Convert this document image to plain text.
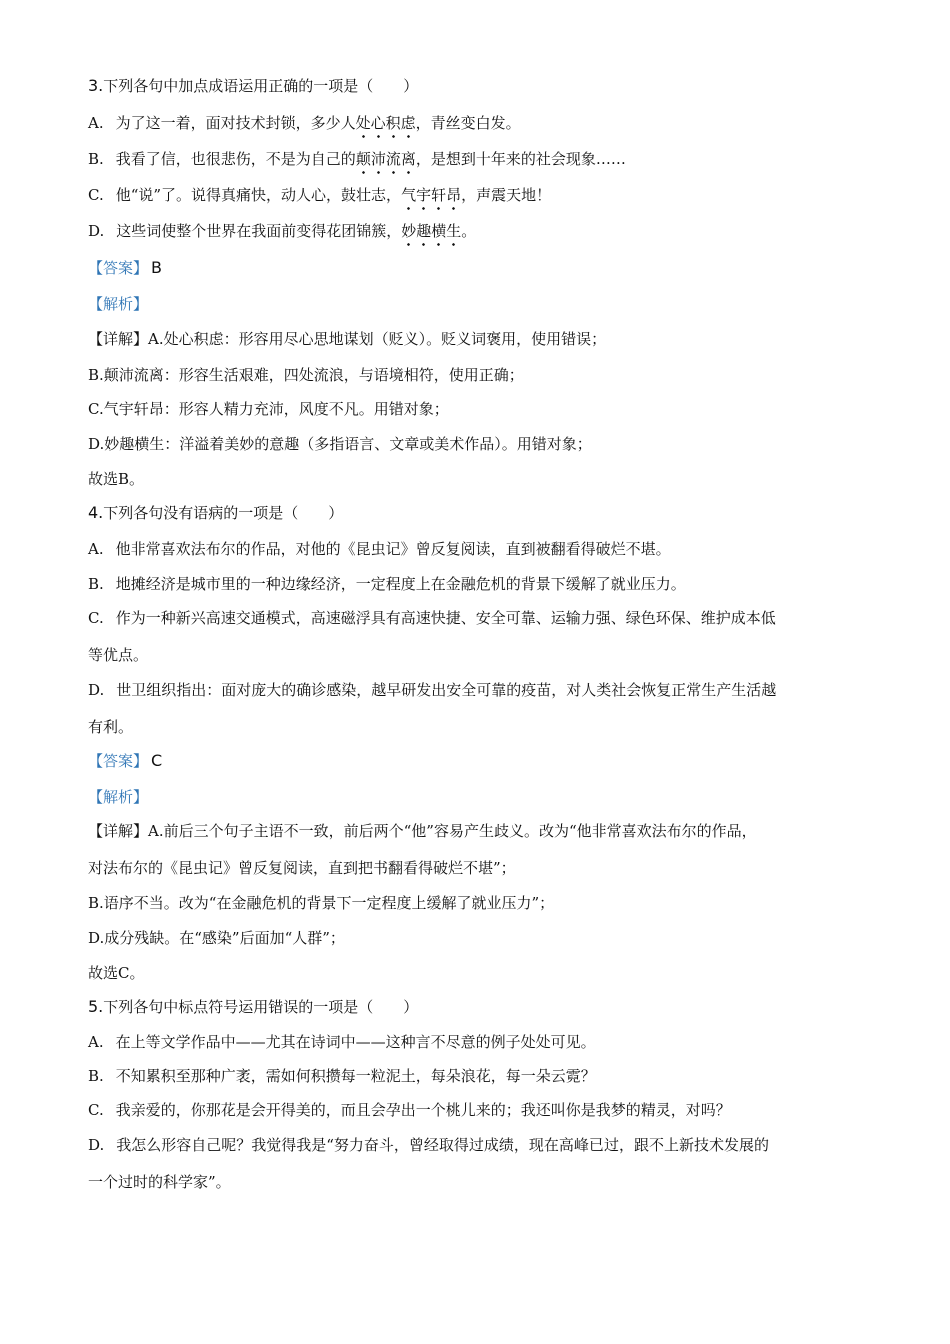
3.下列各句中加点成语运用正确的一项是（　　）
A. 为了这一着，面对技术封锁，多少人处心积虑，青丝变白发。
B. 我看了信，也很悲伤，不是为自己的颠沛流离，是想到十年来的社会现象……
C. 他“说”了。说得真痛快，动人心，鼓壮志，气宇轩昂，声震天地！
D. 这些词使整个世界在我面前变得花团锦簇，妙趣横生。
【答案】 B
【解析】
【详解】A.处心积虑：形容用尽心思地谋划（贬义）。贬义词褒用，使用错误；
B.颠沛流离：形容生活艰难，四处流浪，与语境相符，使用正确；
C.气宇轩昂：形容人精力充沛，风度不凡。用错对象；
D.妙趣横生：洋溢着美妙的意趣（多指语言、文章或美术作品）。用错对象；
故选B。
4.下列各句没有语病的一项是（　　）
A. 他非常喜欢法布尔的作品，对他的《昆虫记》曾反复阅读，直到被翻看得破烂不堪。
B. 地摊经济是城市里的一种边缘经济，一定程度上在金融危机的背景下缓解了就业压力。
C. 作为一种新兴高速交通模式，高速磁浮具有高速快捷、安全可靠、运输力强、绿色环保、维护成本低
等优点。
D. 世卫组织指出：面对庞大的确诊感染，越早研发出安全可靠的疫苗，对人类社会恢复正常生产生活越
有利。
【答案】 C
【解析】
【详解】A.前后三个句子主语不一致，前后两个“他”容易产生歧义。改为“他非常喜欢法布尔的作品，
对法布尔的《昆虫记》曾反复阅读，直到把书翻看得破烂不堪”；
B.语序不当。改为“在金融危机的背景下一定程度上缓解了就业压力”；
D.成分残缺。在“感染”后面加“人群”；
故选C。
5.下列各句中标点符号运用错误的一项是（　　）
A. 在上等文学作品中——尤其在诗词中——这种言不尽意的例子处处可见。
B. 不知累积至那种广袤，需如何积攒每一粒泥土，每朵浪花，每一朵云霓？
C. 我亲爱的，你那花是会开得美的，而且会孕出一个桃儿来的；我还叫你是我梦的精灵，对吗？
D. 我怎么形容自己呢？我觉得我是“努力奋斗，曾经取得过成绩，现在高峰已过，跟不上新技术发展的
一个过时的科学家”。
